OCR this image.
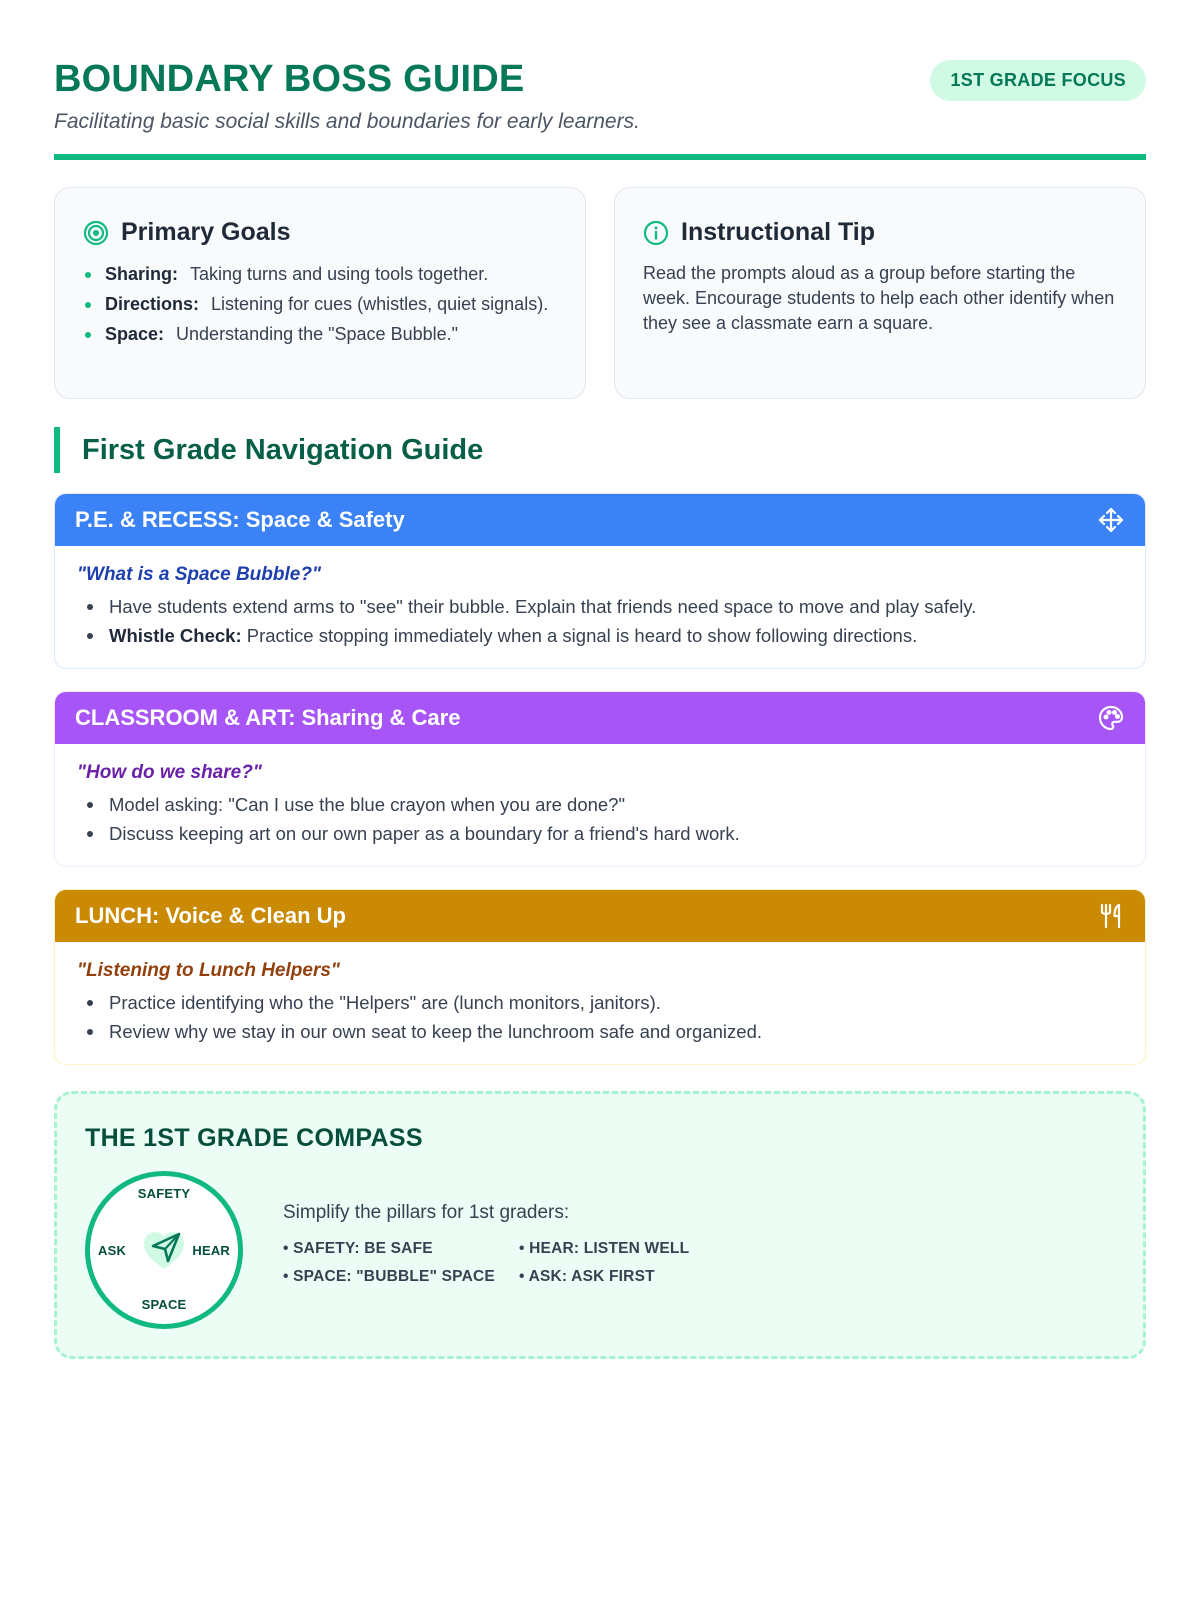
BOUNDARY BOSS GUIDE
Facilitating basic social skills and boundaries for early learners.
1ST GRADE FOCUS
Primary Goals
Sharing: Taking turns and using tools together.
Directions: Listening for cues (whistles, quiet signals).
Space: Understanding the "Space Bubble."
Instructional Tip

Read the prompts aloud as a group before starting the week. Encourage students to help each other identify when they see a classmate earn a square.

First Grade Navigation Guide
P.E. & RECESS: Space & Safety
"What is a Space Bubble?"
Have students extend arms to "see" their bubble. Explain that friends need space to move and play safely.
Whistle Check: Practice stopping immediately when a signal is heard to show following directions.
CLASSROOM & ART: Sharing & Care
"How do we share?"
Model asking: "Can I use the blue crayon when you are done?"
Discuss keeping art on our own paper as a boundary for a friend's hard work.
LUNCH: Voice & Clean Up
"Listening to Lunch Helpers"
Practice identifying who the "Helpers" are (lunch monitors, janitors).
Review why we stay in our own seat to keep the lunchroom safe and organized.
THE 1ST GRADE COMPASS
SAFETY
ASK	HEAR
SPACE
Simplify the pillars for 1st graders:
• SAFETY: BE SAFE	• HEAR: LISTEN WELL
• SPACE: "BUBBLE" SPACE	• ASK: ASK FIRST
